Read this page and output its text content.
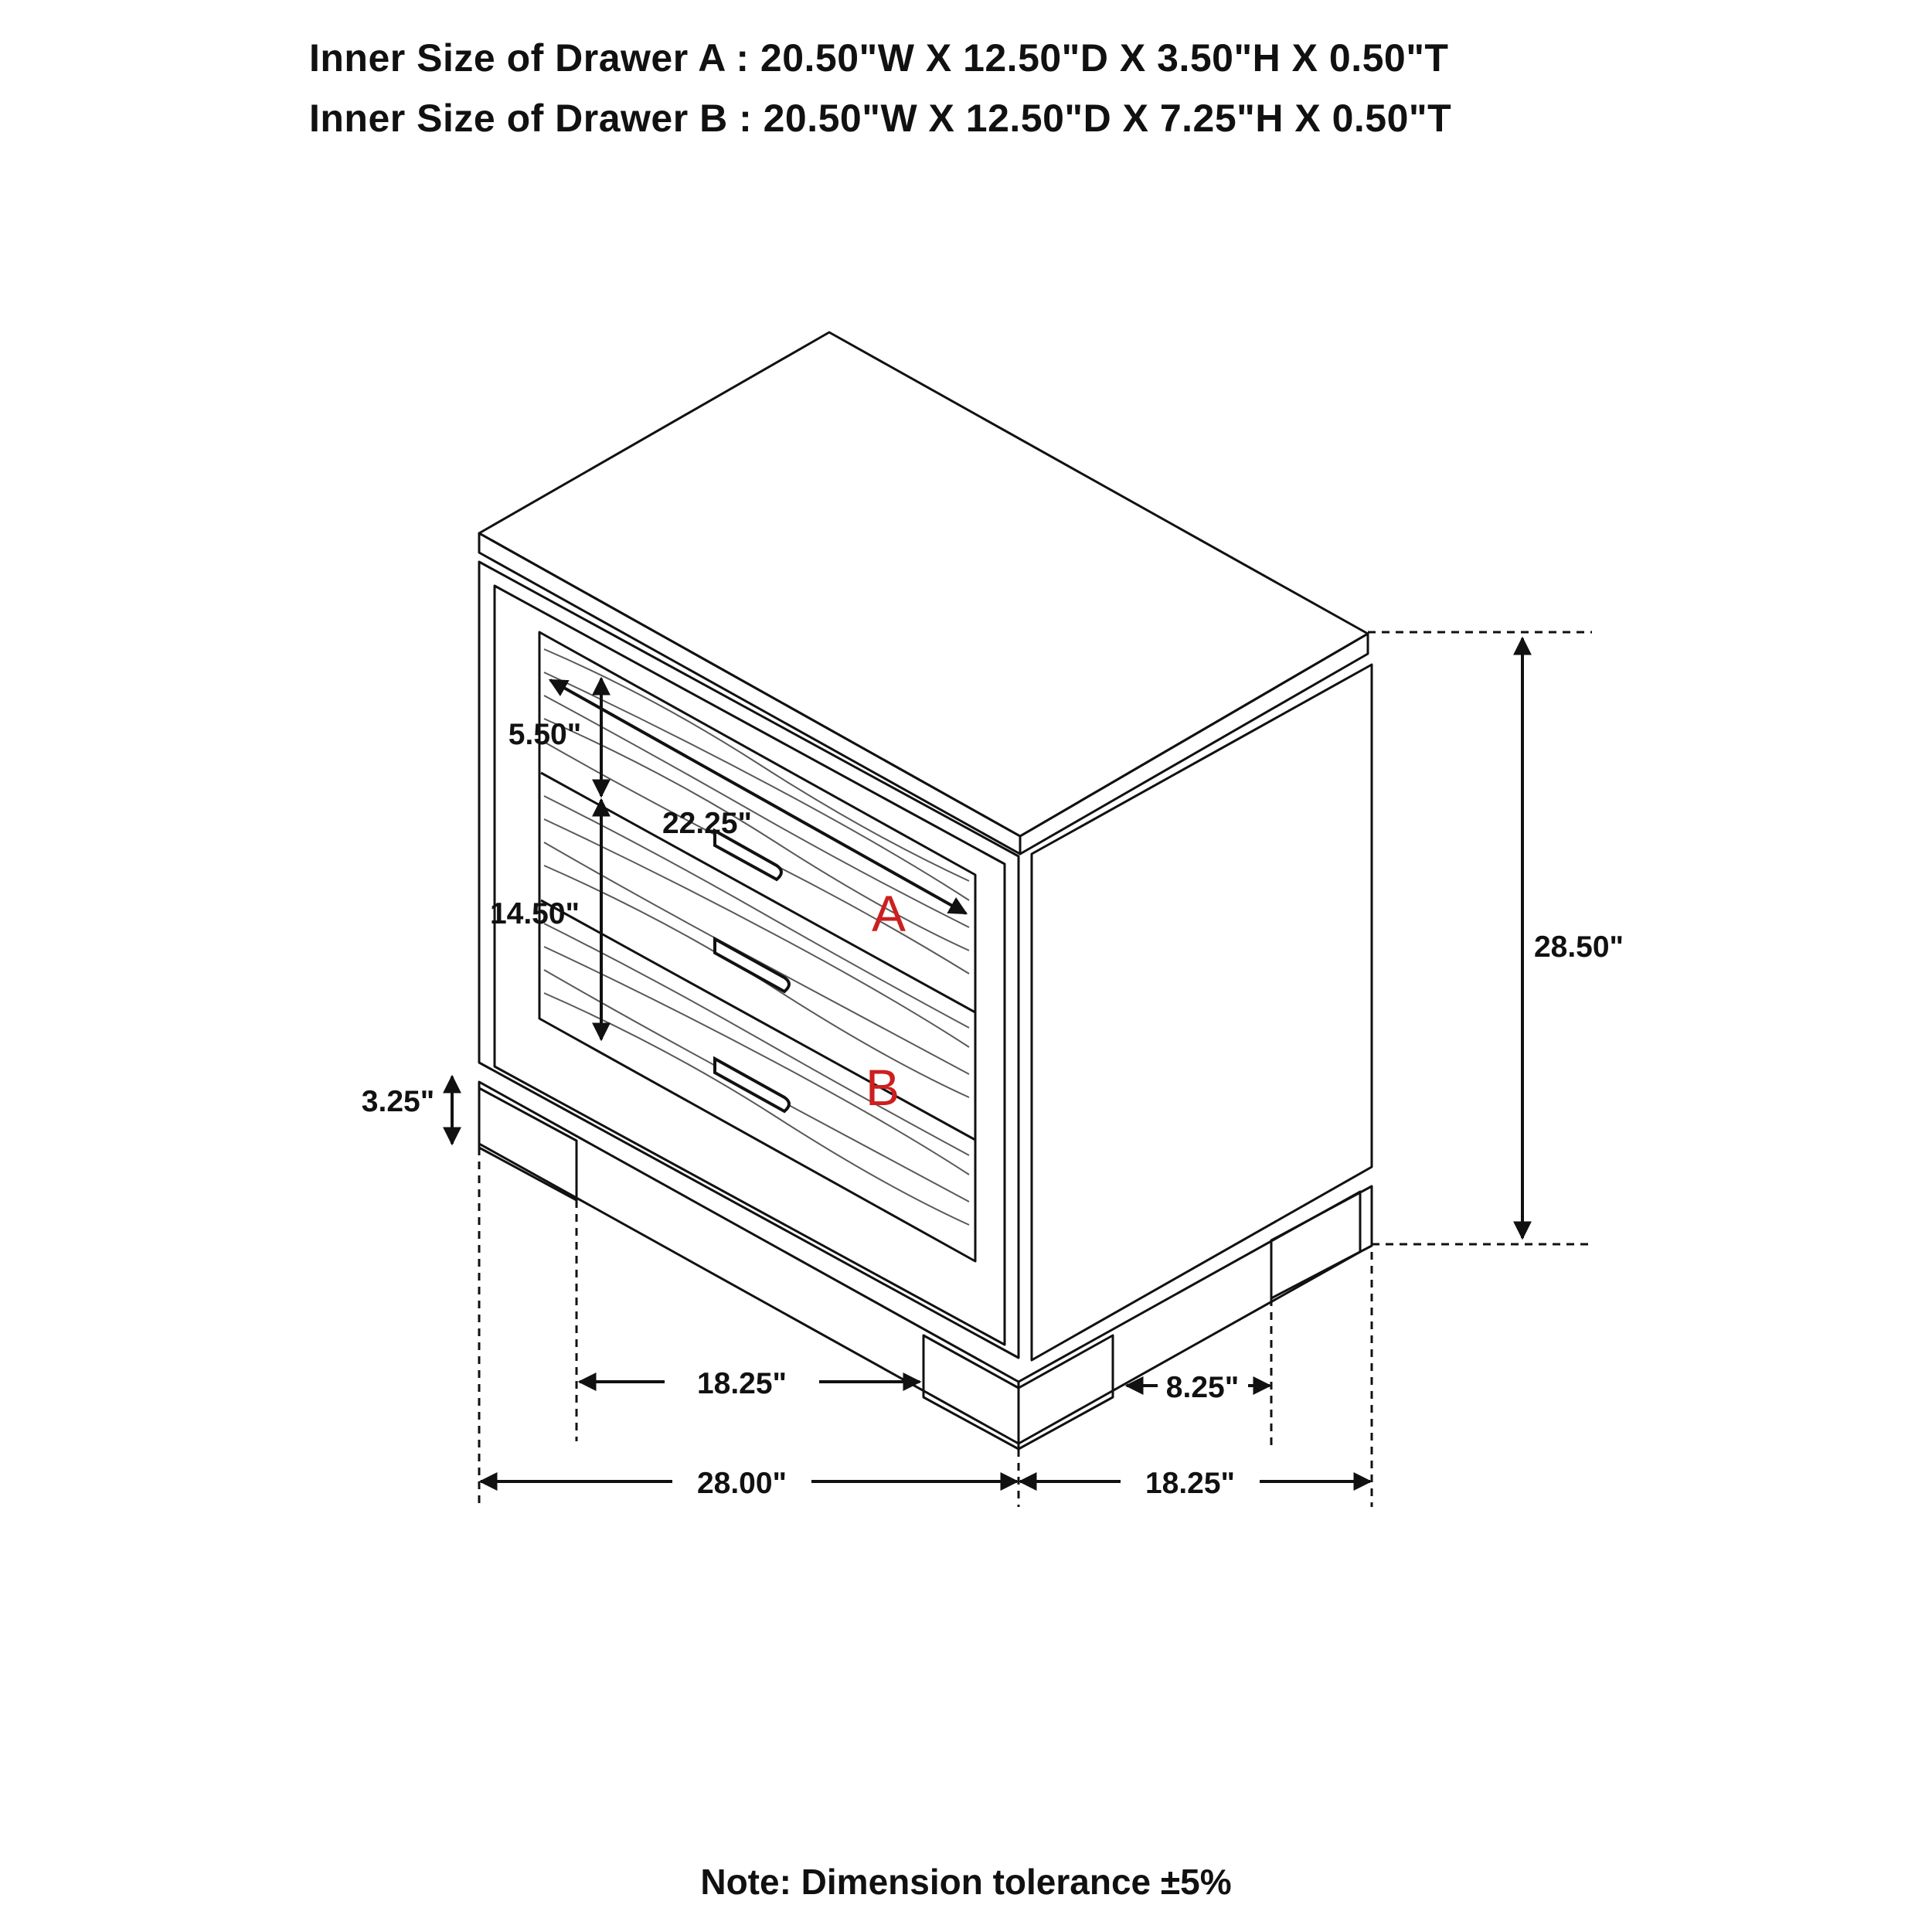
Inner Size of Drawer A : 20.50"W X 12.50"D X 3.50"H X 0.50"T

Inner Size of Drawer B : 20.50"W X 12.50"D X 7.25"H X 0.50"T

A
B
28.50"
28.00"	18.25"
18.25"	8.25"
3.25"
5.50"
14.50"
22.25"
Note: Dimension tolerance ±5%
